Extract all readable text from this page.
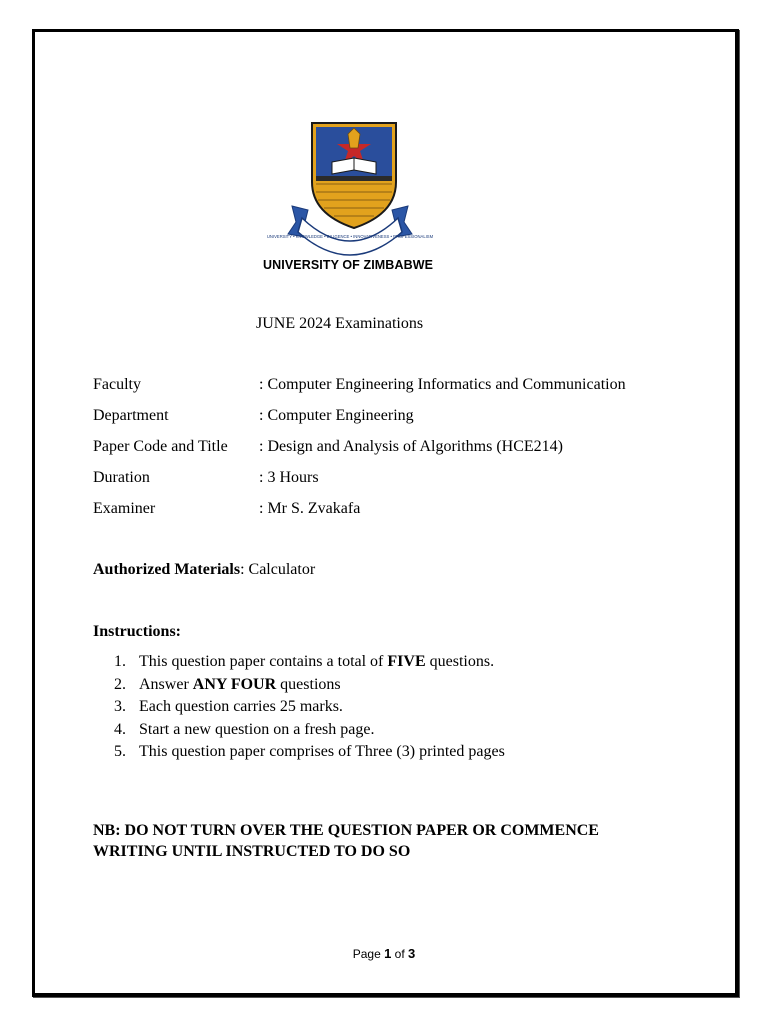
UNIVERSITY • KNOWLEDGE • DILIGENCE • INNOVATIVENESS • PROFESSIONALISM
UNIVERSITY OF ZIMBABWE
JUNE 2024 Examinations
Faculty	: Computer Engineering Informatics and Communication
Department	: Computer Engineering
Paper Code and Title : Design and Analysis of Algorithms (HCE214)
Duration	: 3 Hours
Examiner	: Mr S. Zvakafa
Authorized Materials: Calculator
Instructions:
1. This question paper contains a total of FIVE questions.
2. Answer ANY FOUR questions
3. Each question carries 25 marks.
4. Start a new question on a fresh page.
5. This question paper comprises of Three (3) printed pages
NB: DO NOT TURN OVER THE QUESTION PAPER OR COMMENCE
WRITING UNTIL INSTRUCTED TO DO SO
Page 1 of 3
